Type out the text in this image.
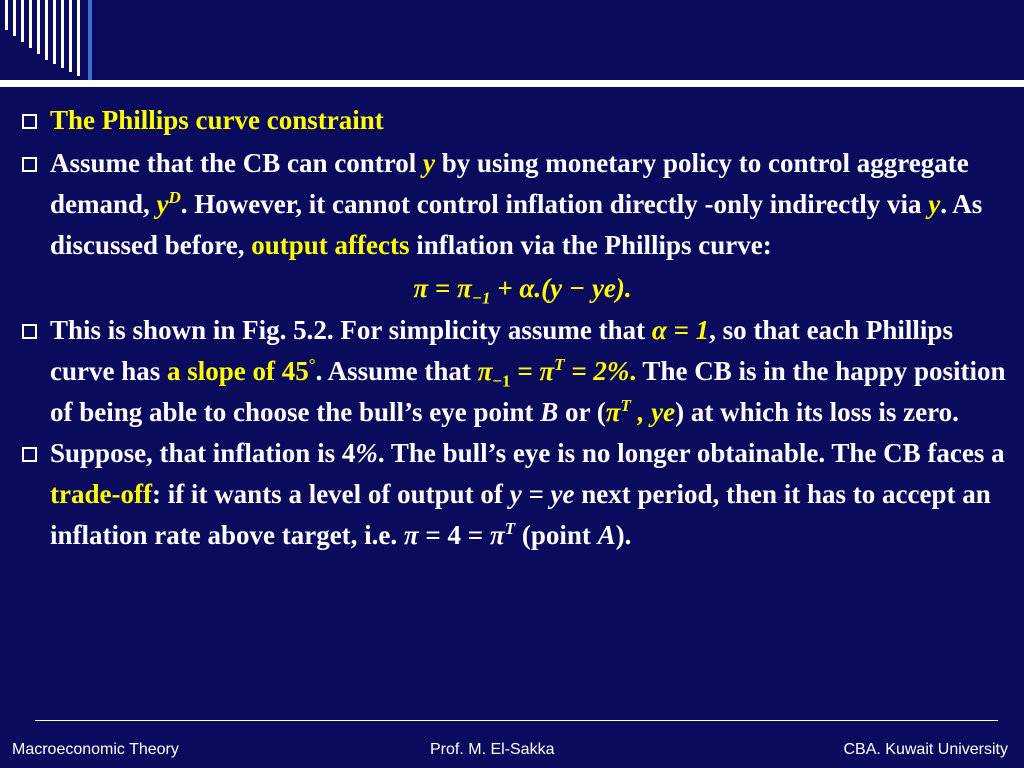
The Phillips curve constraint
Assume that the CB can control y by using monetary policy to control aggregate demand, $y^D$. However, it cannot control inflation directly -only indirectly via y. As discussed before, output affects inflation via the Phillips curve:
$\pi = \pi_{-1} + \alpha.(y - ye)$.
This is shown in Fig. 5.2. For simplicity assume that α = 1, so that each Phillips curve has a slope of 45°. Assume that $\pi_{-1} = \pi^T = 2\%$. The CB is in the happy position of being able to choose the bull’s eye point B or ($\pi^T$ , ye) at which its loss is zero.
Suppose, that inflation is 4%. The bull’s eye is no longer obtainable. The CB faces a trade-off: if it wants a level of output of y = ye next period, then it has to accept an inflation rate above target, i.e. $\pi = 4 = \pi^T$ (point A).
Macroeconomic Theory	Prof. M. El-Sakka	CBA. Kuwait University
